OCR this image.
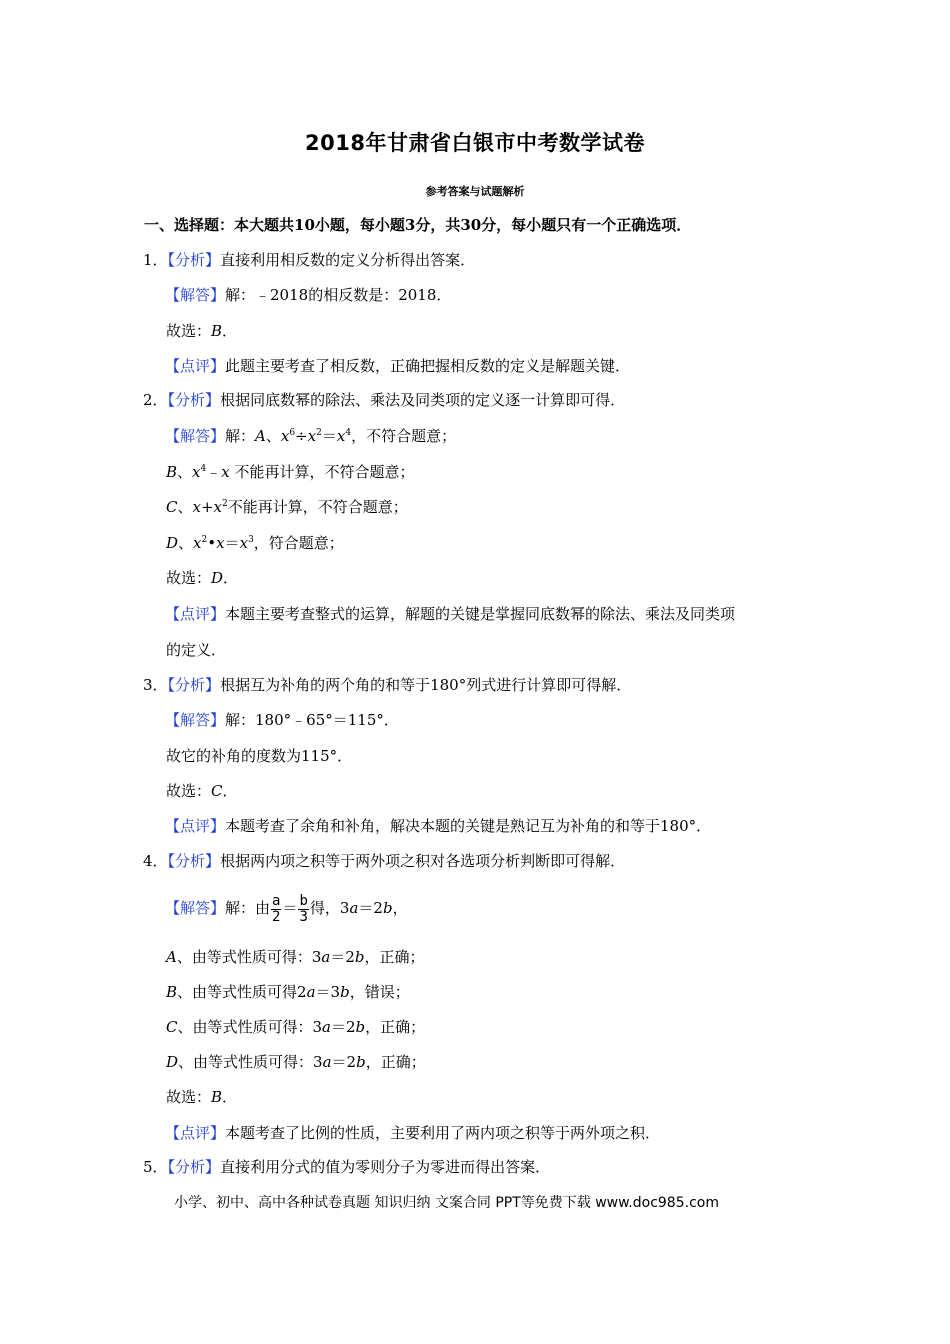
2018年甘肃省白银市中考数学试卷
参考答案与试题解析
一、选择题：本大题共10小题，每小题3分，共30分，每小题只有一个正确选项．
1．【分析】直接利用相反数的定义分析得出答案．
【解答】解：﹣2018的相反数是：2018．
故选：B．
【点评】此题主要考查了相反数，正确把握相反数的定义是解题关键．
2．【分析】根据同底数幂的除法、乘法及同类项的定义逐一计算即可得．
【解答】解：A、$x^6\div x^2=x^4$，不符合题意；
B、$x^4﹣x$ 不能再计算，不符合题意；
C、$x+x^2$不能再计算，不符合题意；
D、$x^2•x=x^3$，符合题意；
故选：D．
【点评】本题主要考查整式的运算，解题的关键是掌握同底数幂的除法、乘法及同类项
的定义．
3．【分析】根据互为补角的两个角的和等于180°列式进行计算即可得解．
【解答】解：180°﹣65°＝115°．
故它的补角的度数为115°．
故选：C．
【点评】本题考查了余角和补角，解决本题的关键是熟记互为补角的和等于180°．
4．【分析】根据两内项之积等于两外项之积对各选项分析判断即可得解．
【解答】解：由 $\frac{a}{2} = \frac{b}{3}$ 得，3a＝2b，
A、由等式性质可得：3a＝2b，正确；
B、由等式性质可得2a＝3b，错误；
C、由等式性质可得：3a＝2b，正确；
D、由等式性质可得：3a＝2b，正确；
故选：B．
【点评】本题考查了比例的性质，主要利用了两内项之积等于两外项之积．
5．【分析】直接利用分式的值为零则分子为零进而得出答案．
小学、初中、高中各种试卷真题 知识归纳 文案合同 PPT等免费下载 www.doc985.com
